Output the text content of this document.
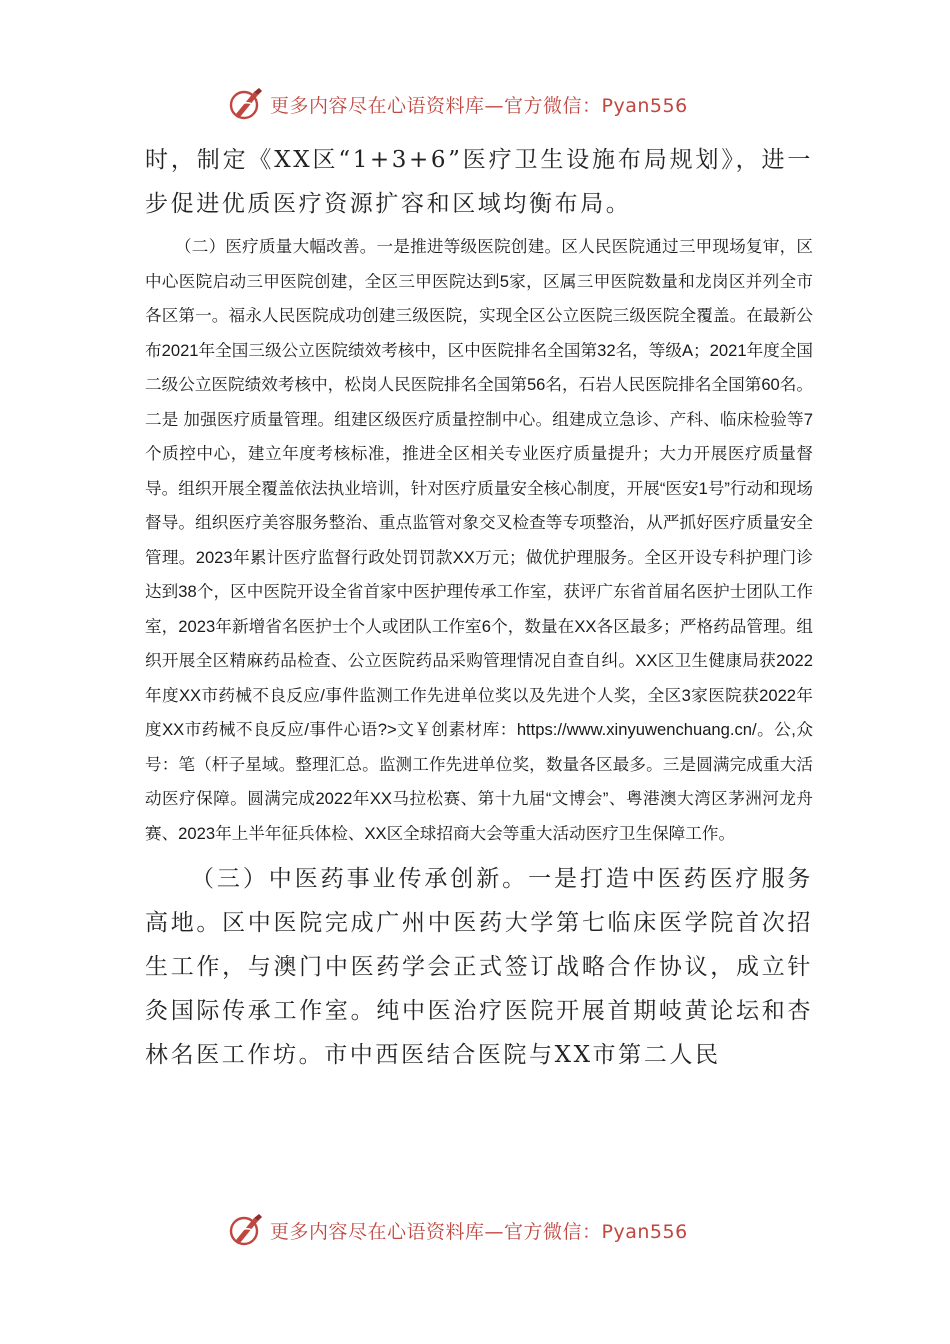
更多内容尽在心语资料库—官方微信：Pyan556

时，制定《XX区“1+3+6”医疗卫生设施布局规划》，进一步促进优质医疗资源扩容和区域均衡布局。

（二）医疗质量大幅改善。一是推进等级医院创建。区人民医院通过三甲现场复审，区中心医院启动三甲医院创建，全区三甲医院达到5家，区属三甲医院数量和龙岗区并列全市各区第一。福永人民医院成功创建三级医院，实现全区公立医院三级医院全覆盖。在最新公布2021年全国三级公立医院绩效考核中，区中医院排名全国第32名，等级A；2021年度全国二级公立医院绩效考核中，松岗人民医院排名全国第56名，石岩人民医院排名全国第60名。二是 加强医疗质量管理。组建区级医疗质量控制中心。组建成立急诊、产科、临床检验等7个质控中心，建立年度考核标准，推进全区相关专业医疗质量提升；大力开展医疗质量督导。组织开展全覆盖依法执业培训，针对医疗质量安全核心制度，开展“医安1号”行动和现场督导。组织医疗美容服务整治、重点监管对象交叉检查等专项整治，从严抓好医疗质量安全管理。2023年累计医疗监督行政处罚罚款XX万元；做优护理服务。全区开设专科护理门诊达到38个，区中医院开设全省首家中医护理传承工作室，获评广东省首届名医护士团队工作室，2023年新增省名医护士个人或团队工作室6个，数量在XX各区最多；严格药品管理。组织开展全区精麻药品检查、公立医院药品采购管理情况自查自纠。XX区卫生健康局获2022年度XX市药械不良反应/事件监测工作先进单位奖以及先进个人奖，全区3家医院获2022年度XX市药械不良反应/事件心语?>文￥创素材库：https://www.xinyuwenchuang.cn/。公,众号：笔（杆子星域。整理汇总。监测工作先进单位奖，数量各区最多。三是圆满完成重大活动医疗保障。圆满完成2022年XX马拉松赛、第十九届“文博会”、粤港澳大湾区茅洲河龙舟赛、2023年上半年征兵体检、XX区全球招商大会等重大活动医疗卫生保障工作。

（三）中医药事业传承创新。一是打造中医药医疗服务高地。区中医院完成广州中医药大学第七临床医学院首次招生工作，与澳门中医药学会正式签订战略合作协议，成立针灸国际传承工作室。纯中医治疗医院开展首期岐黄论坛和杏林名医工作坊。市中西医结合医院与XX市第二人民

更多内容尽在心语资料库—官方微信：Pyan556
